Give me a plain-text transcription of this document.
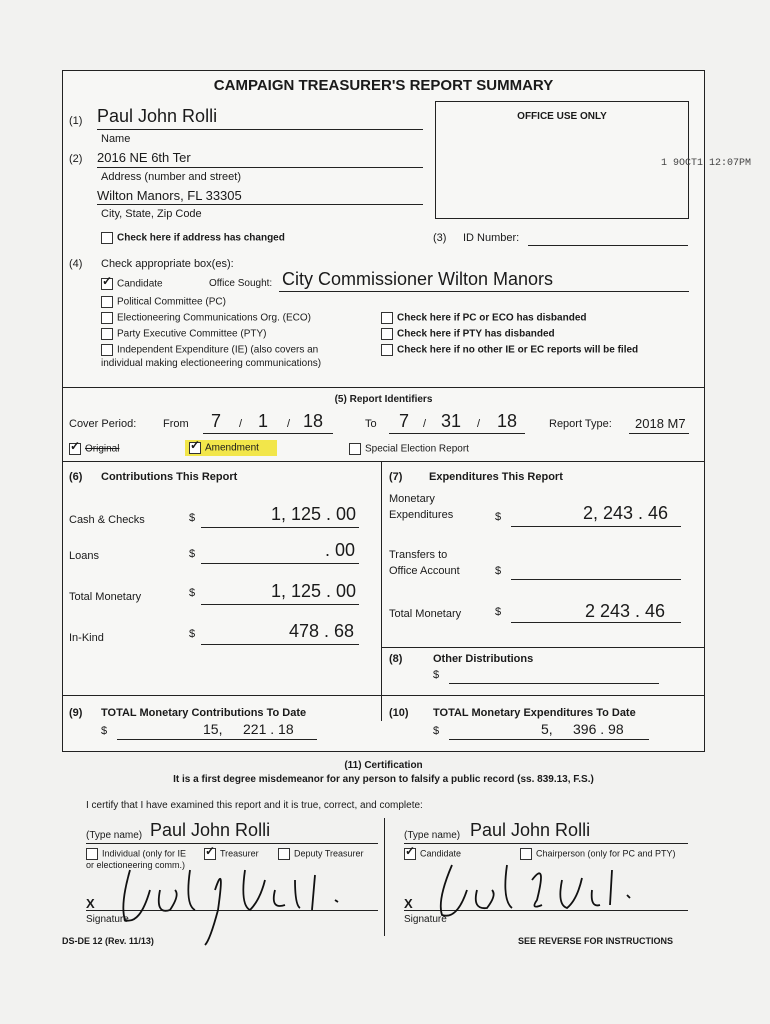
CAMPAIGN TREASURER'S REPORT SUMMARY
(1) Paul John Rolli
Name
(2) 2016 NE 6th Ter
Address (number and street)
Wilton Manors, FL 33305
City, State, Zip Code
Check here if address has changed
OFFICE USE ONLY
1 9OCT1 12:07PM
(3) ID Number:
(4) Check appropriate box(es):
✓Candidate	Office Sought: City Commissioner Wilton Manors
Political Committee (PC)
Electioneering Communications Org. (ECO)
Party Executive Committee (PTY)
Independent Expenditure (IE) (also covers an
individual making electioneering communications)
Check here if PC or ECO has disbanded
Check here if PTY has disbanded
Check here if no other IE or EC reports will be filed
(5) Report Identifiers
Cover Period: From 7 / 1 / 18	To 7 / 31 / 18	Report Type: 2018 M7
✓Original
✓	Amendment	Special Election Report
(6) Contributions This Report
Cash & Checks	$	1, 125 . 00
Loans	$	. 00
Total Monetary	$	1, 125 . 00
In-Kind	$	478 . 68
(7) Expenditures This Report
Monetary
Expenditures	$	2, 243 . 46
Transfers to
Office Account	$
Total Monetary	$	2 243 . 46
(8)	Other Distributions
$
(9) TOTAL Monetary Contributions To Date
$	15, 221 . 18
(10) TOTAL Monetary Expenditures To Date
$	5, 396 . 98
(11) Certification
It is a first degree misdemeanor for any person to falsify a public record (ss. 839.13, F.S.)
I certify that I have examined this report and it is true, correct, and complete:
(Type name) Paul John Rolli
Individual (only for IE
or electioneering comm.)
✓Treasurer	Deputy Treasurer
X
Signature
(Type name) Paul John Rolli
✓Candidate	Chairperson (only for PC and PTY)
X
Signature
DS-DE 12 (Rev. 11/13)	SEE REVERSE FOR INSTRUCTIONS
